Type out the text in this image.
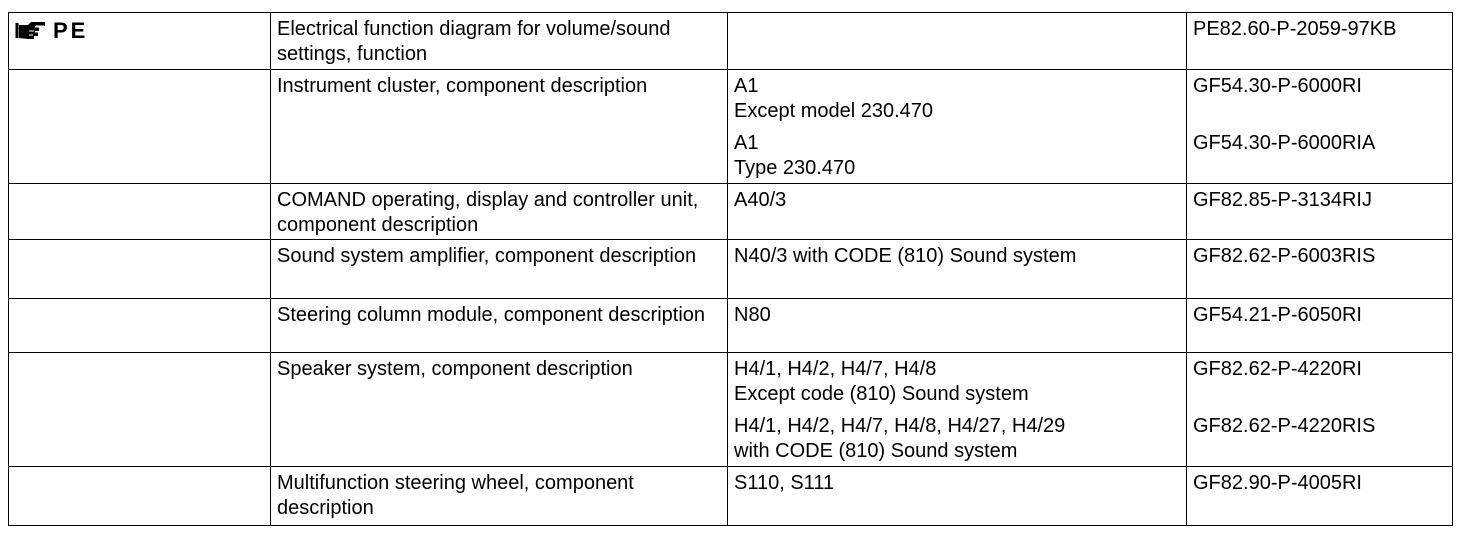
PE	Electrical function diagram for volume/sound settings, function		PE82.60-P-2059-97KB

	Instrument cluster, component description	A1
Except model 230.470
A1
Type 230.470	GF54.30-P-6000RI
GF54.30-P-6000RIA

	COMAND operating, display and controller unit, component description	A40/3	GF82.85-P-3134RIJ

	Sound system amplifier, component description	N40/3 with CODE (810) Sound system	GF82.62-P-6003RIS

	Steering column module, component description	N80	GF54.21-P-6050RI

	Speaker system, component description	H4/1, H4/2, H4/7, H4/8
Except code (810) Sound system
H4/1, H4/2, H4/7, H4/8, H4/27, H4/29
with CODE (810) Sound system	GF82.62-P-4220RI
GF82.62-P-4220RIS

	Multifunction steering wheel, component description	S110, S111	GF82.90-P-4005RI
